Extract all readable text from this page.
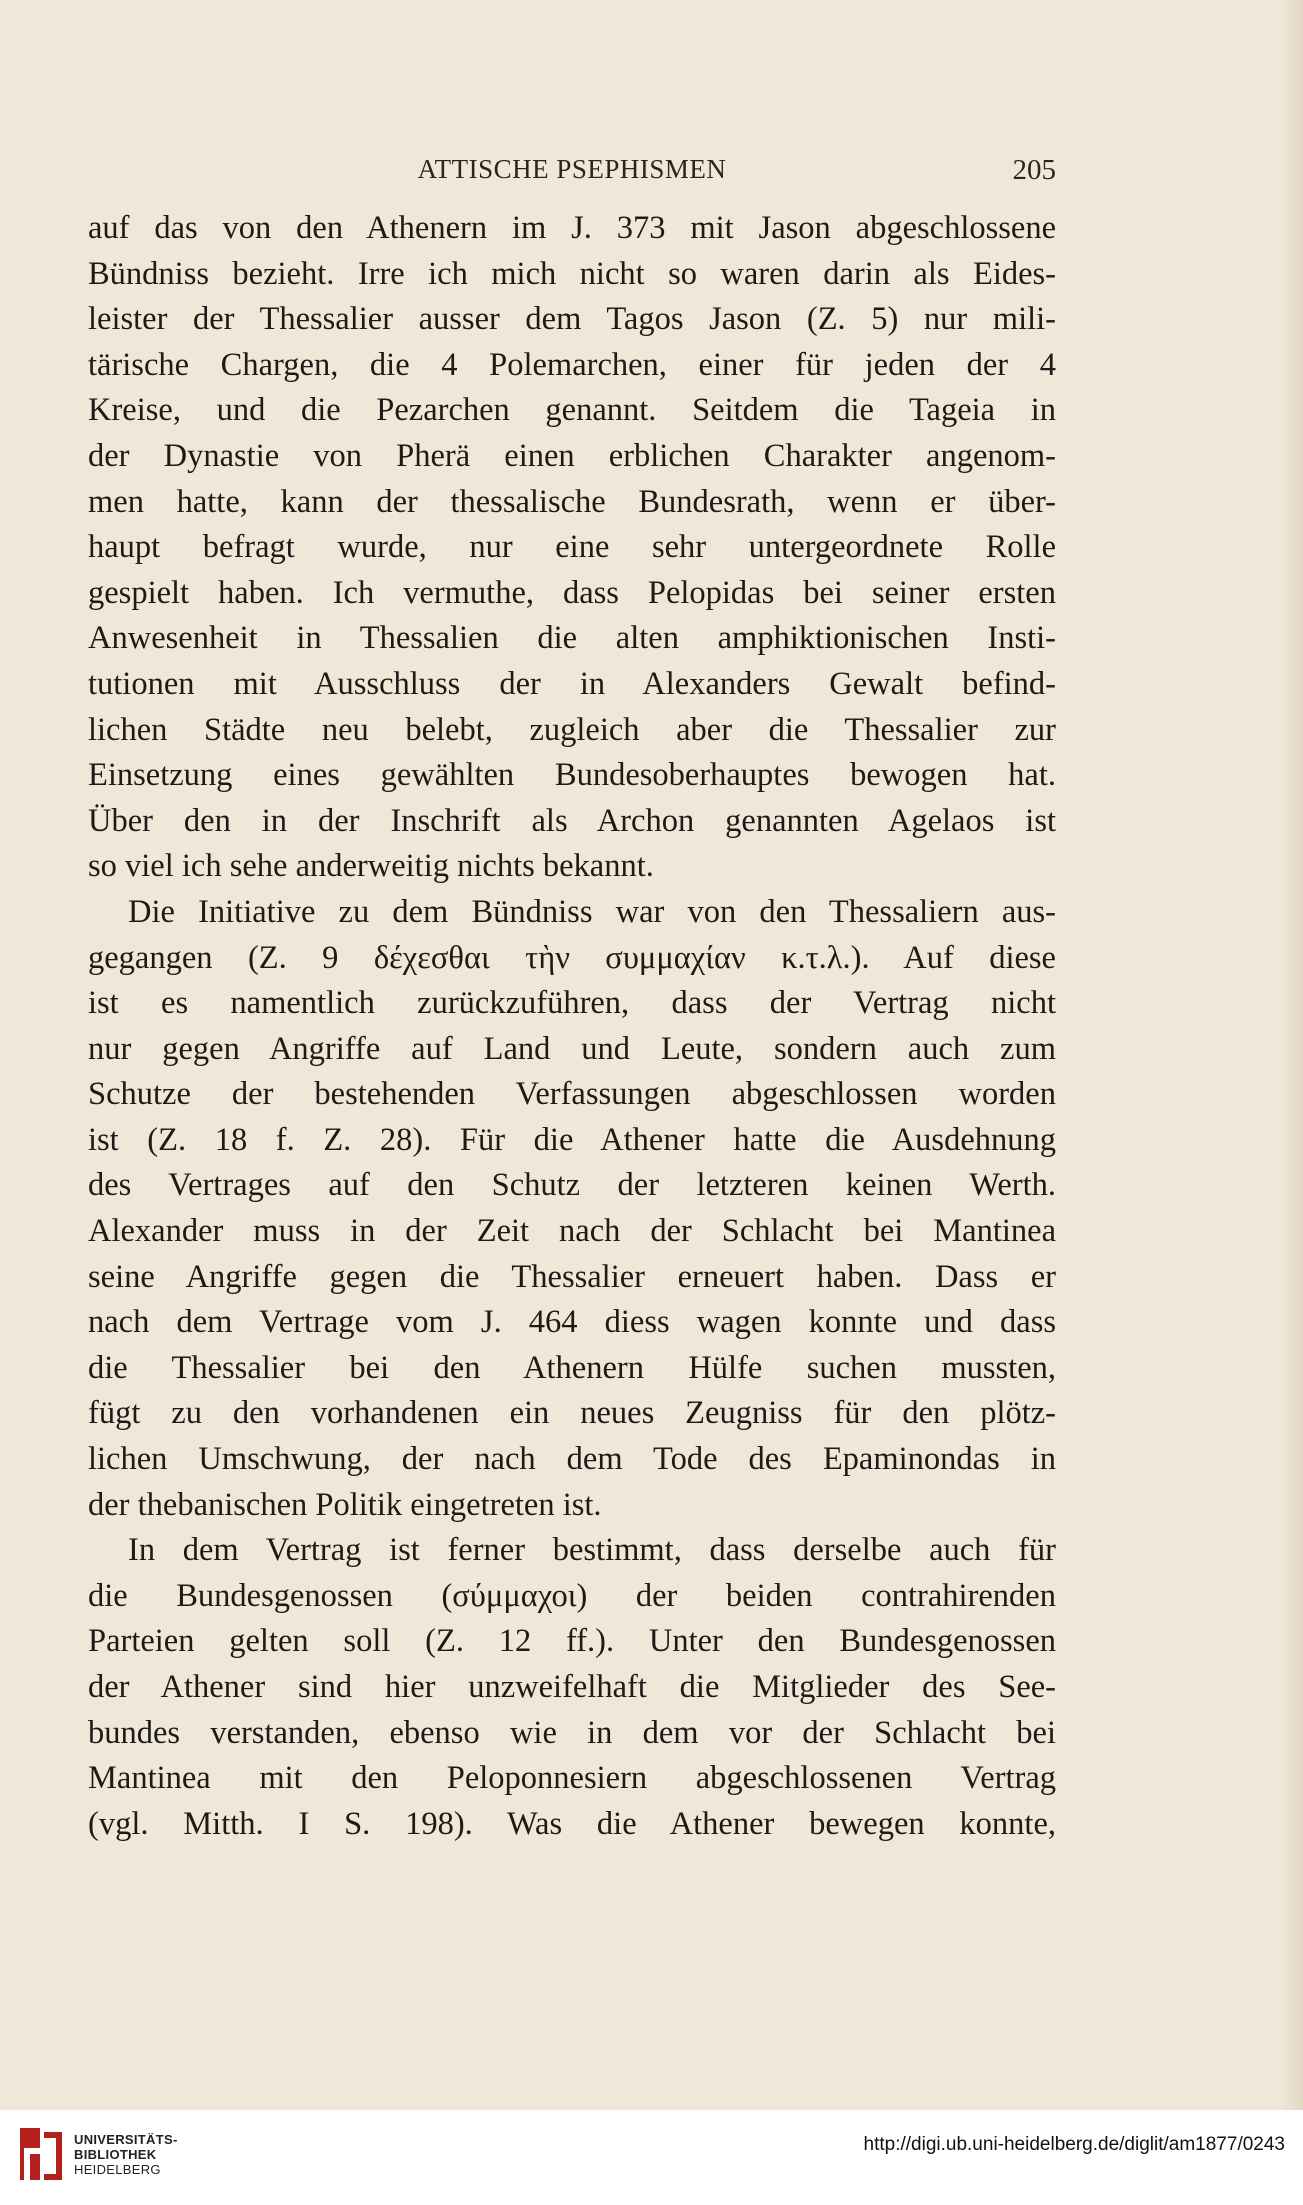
ATTISCHE PSEPHISMEN	205
auf das von den Athenern im J. 373 mit Jason abgeschlossene
Bündniss bezieht. Irre ich mich nicht so waren darin als Eides-
leister der Thessalier ausser dem Tagos Jason (Z. 5) nur mili-
tärische Chargen, die 4 Polemarchen, einer für jeden der 4
Kreise, und die Pezarchen genannt. Seitdem die Tageia in
der Dynastie von Pherä einen erblichen Charakter angenom-
men hatte, kann der thessalische Bundesrath, wenn er über-
haupt befragt wurde, nur eine sehr untergeordnete Rolle
gespielt haben. Ich vermuthe, dass Pelopidas bei seiner ersten
Anwesenheit in Thessalien die alten amphiktionischen Insti-
tutionen mit Ausschluss der in Alexanders Gewalt befind-
lichen Städte neu belebt, zugleich aber die Thessalier zur
Einsetzung eines gewählten Bundesoberhauptes bewogen hat.
Über den in der Inschrift als Archon genannten Agelaos ist
so viel ich sehe anderweitig nichts bekannt.
Die Initiative zu dem Bündniss war von den Thessaliern aus-
gegangen (Z. 9 δέχεσθαι τὴν συμμαχίαν κ.τ.λ.). Auf diese
ist es namentlich zurückzuführen, dass der Vertrag nicht
nur gegen Angriffe auf Land und Leute, sondern auch zum
Schutze der bestehenden Verfassungen abgeschlossen worden
ist (Z. 18 f. Z. 28). Für die Athener hatte die Ausdehnung
des Vertrages auf den Schutz der letzteren keinen Werth.
Alexander muss in der Zeit nach der Schlacht bei Mantinea
seine Angriffe gegen die Thessalier erneuert haben. Dass er
nach dem Vertrage vom J. 464 diess wagen konnte und dass
die Thessalier bei den Athenern Hülfe suchen mussten,
fügt zu den vorhandenen ein neues Zeugniss für den plötz-
lichen Umschwung, der nach dem Tode des Epaminondas in
der thebanischen Politik eingetreten ist.
In dem Vertrag ist ferner bestimmt, dass derselbe auch für
die Bundesgenossen (σύμμαχοι) der beiden contrahirenden
Parteien gelten soll (Z. 12 ff.). Unter den Bundesgenossen
der Athener sind hier unzweifelhaft die Mitglieder des See-
bundes verstanden, ebenso wie in dem vor der Schlacht bei
Mantinea mit den Peloponnesiern abgeschlossenen Vertrag
(vgl. Mitth. I S. 198). Was die Athener bewegen konnte,
UNIVERSITÄTS-
BIBLIOTHEK
HEIDELBERG
http://digi.ub.uni-heidelberg.de/diglit/am1877/0243
